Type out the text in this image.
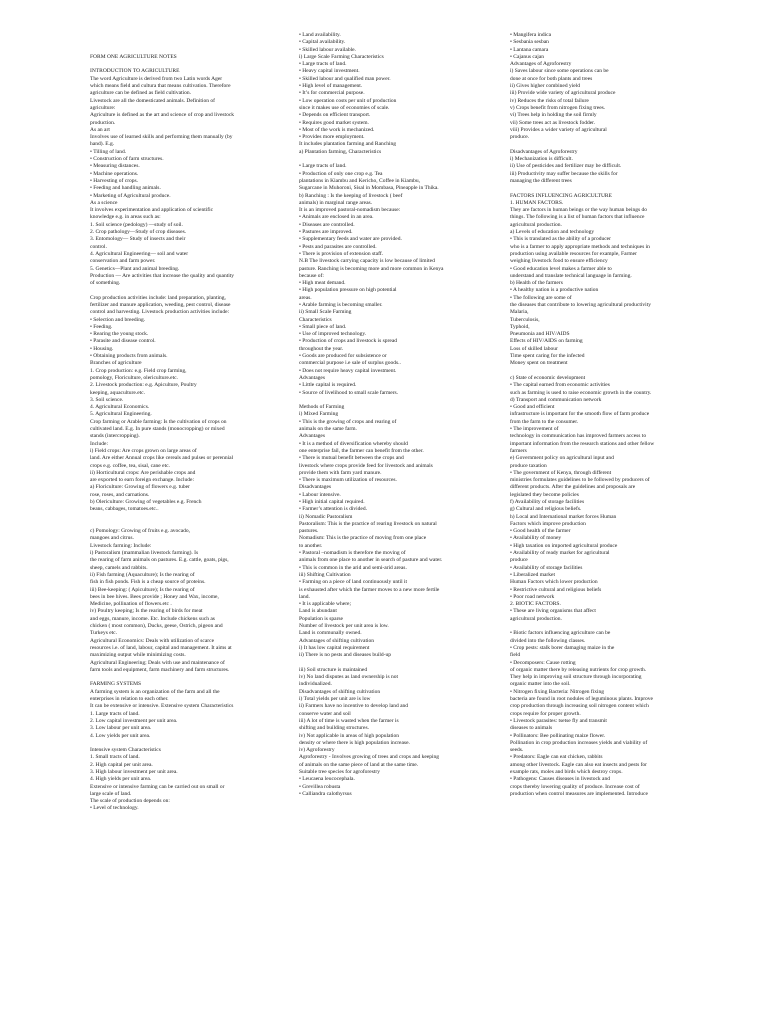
FORM ONE AGRICULTURE NOTES
INTRODUCTION TO AGRICULTURE
The word Agriculture is derived from two Latin words Ager
which means field and cultura that means cultivation. Therefore
agriculture can be defined as field cultivation.
Livestock are all the domesticated animals. Definition of
agriculture:
Agriculture is defined as the art and science of crop and livestock
production.
As an art
Involves use of learned skills and performing them manually (by
hand). E.g.
• Tilling of land.
• Construction of farm structures.
• Measuring distances.
• Machine operations.
• Harvesting of crops.
• Feeding and handling animals.
• Marketing of Agricultural produce.
As a science
It involves experimentation and application of scientific
knowledge e.g. in areas such as:
1. Soil science (pedology) —study of soil.
2. Crop pathology—Study of crop diseases.
3. Entomology— Study of insects and their
control.
4. Agricultural Engineering— soil and water
conservation and farm power.
5. Genetics—Plant and animal breeding.
Production — Are activities that increase the quality and quantity
of something.
Crop production activities include: land preparation, planting,
fertilizer and manure application, weeding, pest control, disease
control and harvesting. Livestock production activities include:
• Selection and breeding.
• Feeding.
• Rearing the young stock.
• Parasite and disease control.
• Housing.
• Obtaining products from animals.
Branches of agriculture
1. Crop production: e.g. Field crop farming,
pomology, Floriculture, olericulture.etc.
2. Livestock production: e.g. Apiculture, Poultry
keeping, aquaculture.etc.
3. Soil science.
4. Agricultural Economics.
5. Agricultural Engineering.
Crop farming or Arable farming: Is the cultivation of crops on
cultivated land. E.g. In pure stands (monocropping) or mixed
stands (intercropping).
Include:
i) Field crops: Are crops grown on large areas of
land. Are either Annual crops like cereals and pulses or perennial
crops e.g. coffee, tea, sisal, cane etc.
ii) Horticultural crops: Are perishable crops and
are exported to earn foreign exchange. Include:
a) Floriculture: Growing of flowers e.g. tuber
rose, roses, and carnations.
b) Olericulture: Growing of vegetables e.g. French
beans, cabbages, tomatoes.etc..
c) Pomology: Growing of fruits e.g. avocado,
mangoes and citrus.
Livestock farming: Include:
i) Pastoralism (mammalian livestock farming). Is
the rearing of farm animals on pastures. E.g. cattle, goats, pigs,
sheep, camels and rabbits.
ii) Fish farming (Aquaculture); Is the rearing of
fish in fish ponds. Fish is a cheap source of proteins.
iii) Bee-keeping: ( Apiculture); Is the rearing of
bees in bee hives. Bees provide ; Honey and Wax, income,
Medicine, pollination of flowers.etc .
iv) Poultry keeping; Is the rearing of birds for meat
and eggs, manure, income. Etc. Include chickens such as
chicken ( most common), Ducks, geese, Ostrich, pigeon and
Turkeys etc.
Agricultural Economics: Deals with utilization of scarce
resources i.e. of land, labour, capital and management. It aims at
maximizing output while minimizing costs.
Agricultural Engineering; Deals with use and maintenance of
farm tools and equipment, farm machinery and farm structures.
FARMING SYSTEMS
A farming system is an organization of the farm and all the
enterprises in relation to each other.
It can be extensive or intensive. Extensive system Characteristics
1. Large tracts of land.
2. Low capital investment per unit area.
3. Low labour per unit area.
4. Low yields per unit area.
Intensive system Characteristics
1. Small tracts of land.
2. High capital per unit area.
3. High labour investment per unit area.
4. High yields per unit area.
Extensive or intensive farming can be carried out on small or
large scale of land.
The scale of production depends on:
• Level of technology.
• Land availability.
• Capital availability.
• Skilled labour available.
i) Large Scale Farming Characteristics
• Large tracts of land.
• Heavy capital investment.
• Skilled labour and qualified man power.
• High level of management.
• It’s for commercial purpose.
• Low operation costs per unit of production
since it makes use of economies of scale.
• Depends on efficient transport.
• Requires good market system.
• Most of the work is mechanized.
• Provides more employment.
It includes plantation farming and Ranching
a) Plantation farming, Characteristics
• Large tracts of land.
• Production of only one crop e.g. Tea
plantations in Kiambu and Kericho, Coffee in Kiambu,
Sugarcane in Muhoroni, Sisal in Mombasa, Pineapple in Thika.
b) Ranching : Is the keeping of livestock ( beef
animals) in marginal range areas.
It is an improved pastoral-nomadism because:
• Animals are enclosed in an area.
• Diseases are controlled.
• Pastures are improved.
• Supplementary feeds and water are provided.
• Pests and parasites are controlled.
• There is provision of extension staff.
N.B The livestock carrying capacity is low because of limited
pasture. Ranching is becoming more and more common in Kenya
because of:
• High meat demand.
• High population pressure on high potential
areas.
• Arable farming is becoming smaller.
ii) Small Scale Farming
Characteristics
• Small piece of land.
• Use of improved technology.
• Production of crops and livestock is spread
throughout the year.
• Goods are produced for subsistence or
commercial purpose i.e sale of surplus goods..
• Does not require heavy capital investment.
Advantages
• Little capital is required.
• Source of livelihood to small scale farmers.
Methods of Farming
i) Mixed Farming
• This is the growing of crops and rearing of
animals on the same farm.
Advantages
• It is a method of diversification whereby should
one enterprise fail, the farmer can benefit from the other.
• There is mutual benefit between the crops and
livestock where crops provide feed for livestock and animals
provide them with farm yard manure.
• There is maximum utilization of resources.
Disadvantages
• Labour intensive.
• High initial capital required.
• Farmer’s attention is divided.
ii) Nomadic Pastoralism
Pastoralism: This is the practice of rearing livestock on natural
pastures.
Nomadism: This is the practice of moving from one place
to another.
• Pastoral –nomadism is therefore the moving of
animals from one place to another in search of pasture and water.
• This is common in the arid and semi-arid areas.
iii) Shifting Cultivation
• Farming on a piece of land continuously until it
is exhausted after which the farmer moves to a new more fertile
land.
• It is applicable where;
Land is abundant
Population is sparse
Number of livestock per unit area is low.
Land is communally owned.
Advantages of shifting cultivation
i) It has low capital requirement
ii) There is no pests and diseases build-up
iii) Soil structure is maintained
iv) No land disputes as land ownership is not
individualized.
Disadvantages of shifting cultivation
i) Total yields per unit are is low
ii) Farmers have no incentive to develop land and
conserve water and soil
iii) A lot of time is wasted when the farmer is
shifting and building structures.
iv) Not applicable in areas of high population
density or where there is high population increase.
iv) Agroforestry
Agroforestry - Involves growing of trees and crops and keeping
of animals on the same piece of land at the same time.
Suitable tree species for agroforestry
• Leucaena leucocephala.
• Grevillea robusta
• Calliandra calothyrsus
• Mangifera indica
• Sesbania sesban
• Lantana camara
• Cajanus cajan
Advantages of Agroforestry
i) Saves labour since some operations can be
done at once for both plants and trees
ii) Gives higher combined yield
iii) Provide wide variety of agricultural produce
iv) Reduces the risks of total failure
v) Crops benefit from nitrogen fixing trees.
vi) Trees help in holding the soil firmly
vii) Some trees act as livestock fodder.
viii) Provides a wider variety of agricultural
produce.
Disadvantages of Agroforestry
i) Mechanization is difficult.
ii) Use of pesticides and fertilizer may be difficult.
iii) Productivity may suffer because the skills for
managing the different trees
FACTORS INFLUENCING AGRICULTURE
1. HUMAN FACTORS.
They are factors in human beings or the way human beings do
things. The following is a list of human factors that influence
agricultural production.
a) Levels of education and technology
• This is translated as the ability of a producer
who is a farmer to apply appropriate methods and techniques in
production using available resources for example, Farmer
weighing livestock food to ensure efficiency
• Good education level makes a farmer able to
understand and translate technical language in farming.
b) Health of the farmers
• A healthy nation is a productive nation
• The following are some of
the diseases that contribute to lowering agricultural productivity
Malaria,
Tuberculosis,
Typhoid,
Pneumonia and HIV/AIDS
Effects of HIV/AIDS on farming
Loss of skilled labour
Time spent caring for the infected
Money spent on treatment
c) State of economic development
• The capital earned from economic activities
such as farming is used to raise economic growth in the country.
d) Transport and communication network
• Good and efficient
infrastructure is important for the smooth flow of farm produce
from the farm to the consumer.
• The improvement of
technology in communication has improved farmers access to
important information from the research stations and other fellow
farmers
e) Government policy on agricultural input and
produce taxation
• The government of Kenya, through different
ministries formulates guidelines to be followed by producers of
different products. After the guidelines and proposals are
legislated they become policies
f) Availability of storage facilities
g) Cultural and religious beliefs.
h) Local and International market forces Human
Factors which improve production
• Good health of the farmer
• Availability of money
• High taxation on imported agricultural produce
• Availability of ready market for agricultural
produce
• Availability of storage facilities
• Liberalized market
Human Factors which lower production
• Restrictive cultural and religious beliefs
• Poor road network
2. BIOTIC FACTORS.
• These are living organisms that affect
agricultural production.
• Biotic factors influencing agriculture can be
divided into the following classes.
• Crop pests: stalk borer damaging maize in the
field
• Decomposers: Cause rotting
of organic matter there by releasing nutrients for crop growth.
They help in improving soil structure through incorporating
organic matter into the soil.
• Nitrogen fixing Bacteria: Nitrogen fixing
bacteria are found in root nodules of leguminous plants. Improve
crop production through increasing soil nitrogen content which
crops require for proper growth.
• Livestock parasites: tsetse fly and transmit
diseases to animals
• Pollinators: Bee pollinating maize flower.
Pollination in crop production increases yields and viability of
seeds.
• Predators: Eagle can eat chicken, rabbits
among other livestock. Eagle can also eat insects and pests for
example rats, moles and birds which destroy crops.
• Pathogens: Causes diseases in livestock and
crops thereby lowering quality of produce. Increase cost of
production when control measures are implemented. Introduce
